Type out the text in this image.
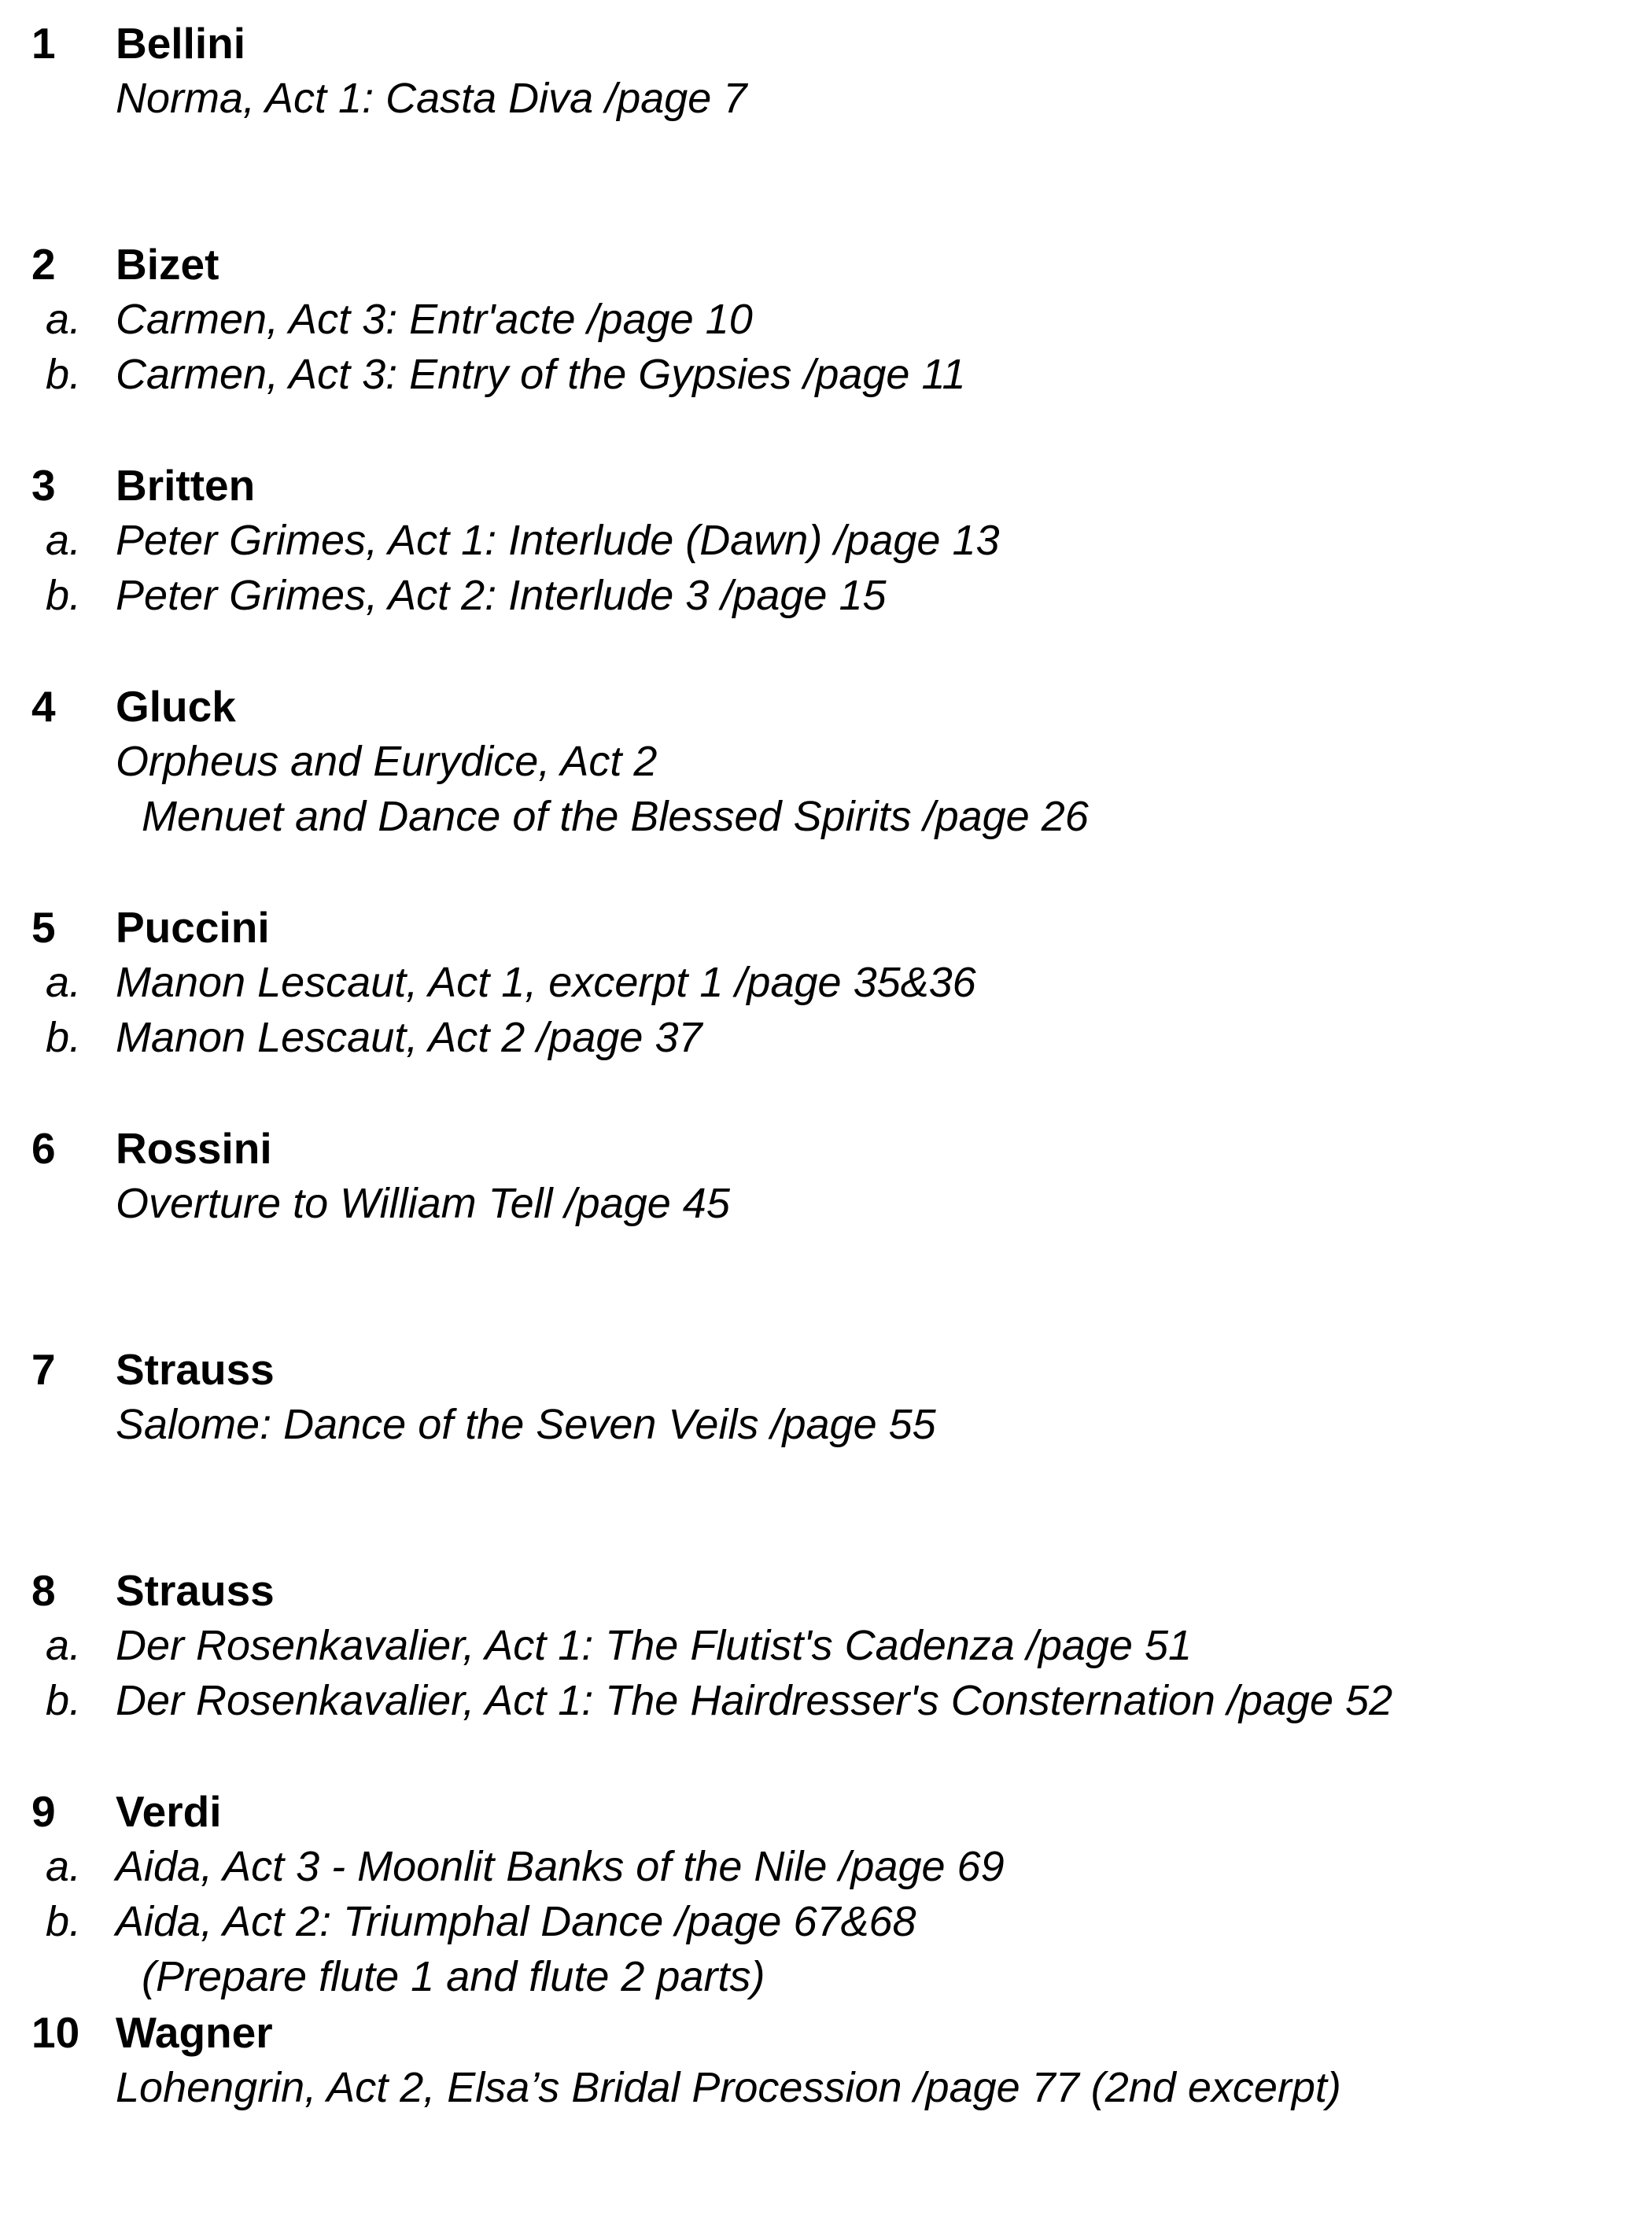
1 Bellini
Norma, Act 1: Casta Diva /page 7
2 Bizet
a. Carmen, Act 3: Entr'acte /page 10
b. Carmen, Act 3: Entry of the Gypsies /page 11
3 Britten
a. Peter Grimes, Act 1: Interlude (Dawn) /page 13
b. Peter Grimes, Act 2: Interlude 3 /page 15
4 Gluck
Orpheus and Eurydice, Act 2
Menuet and Dance of the Blessed Spirits /page 26
5 Puccini
a. Manon Lescaut, Act 1, excerpt 1 /page 35&36
b. Manon Lescaut, Act 2 /page 37
6 Rossini
Overture to William Tell /page 45
7 Strauss
Salome: Dance of the Seven Veils /page 55
8 Strauss
a. Der Rosenkavalier, Act 1: The Flutist's Cadenza /page 51
b. Der Rosenkavalier, Act 1: The Hairdresser's Consternation /page 52
9 Verdi
a. Aida, Act 3 - Moonlit Banks of the Nile /page 69
b. Aida, Act 2: Triumphal Dance /page 67&68
(Prepare flute 1 and flute 2 parts)
10 Wagner
Lohengrin, Act 2, Elsa’s Bridal Procession /page 77 (2nd excerpt)
